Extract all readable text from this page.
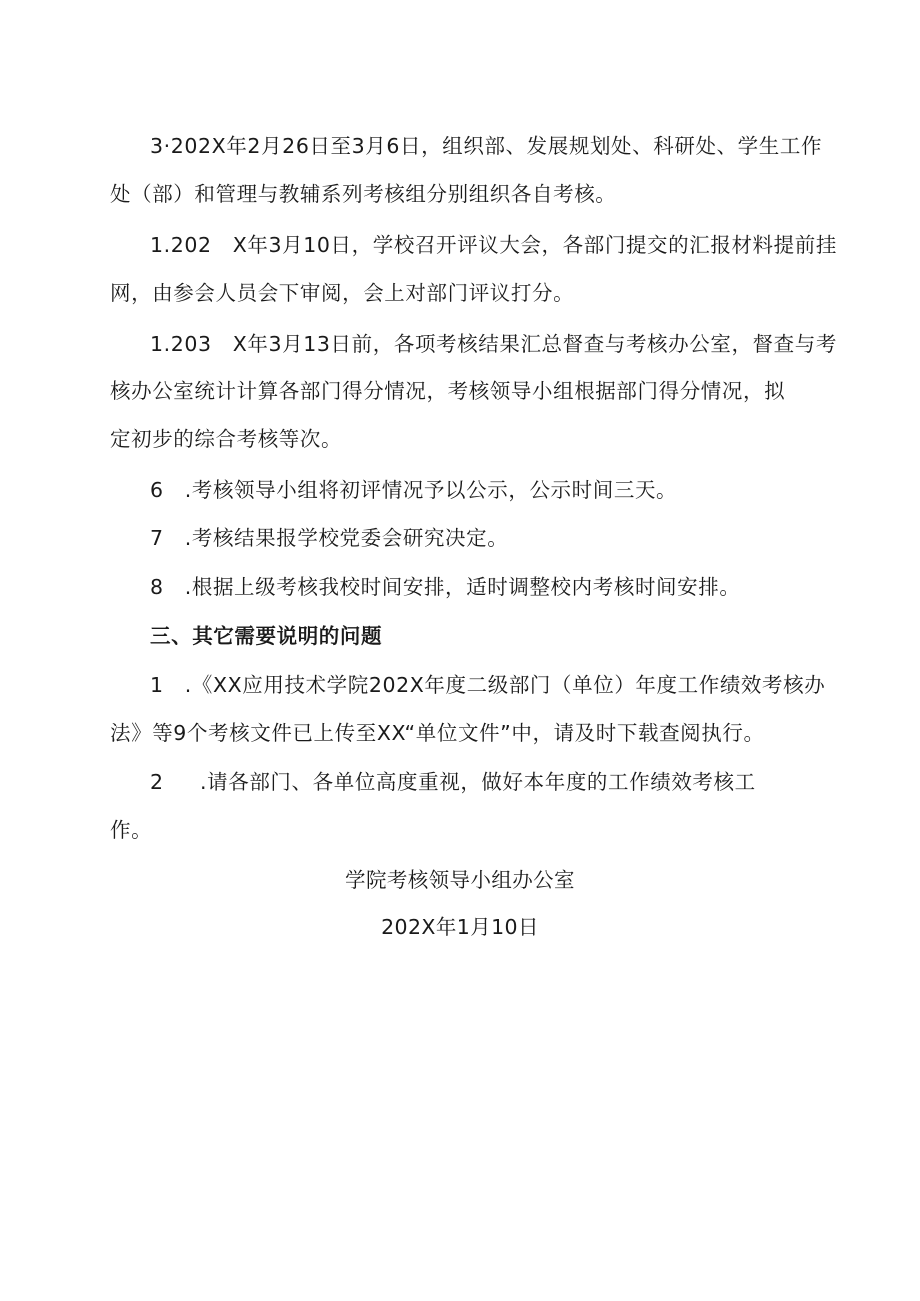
3·202X年2月26日至3月6日，组织部、发展规划处、科研处、学生工作
处（部）和管理与教辅系列考核组分别组织各自考核。
1.202　X年3月10日，学校召开评议大会，各部门提交的汇报材料提前挂
网，由参会人员会下审阅，会上对部门评议打分。
1.203　X年3月13日前，各项考核结果汇总督查与考核办公室，督查与考
核办公室统计计算各部门得分情况，考核领导小组根据部门得分情况，拟
定初步的综合考核等次。
6　.考核领导小组将初评情况予以公示，公示时间三天。
7　.考核结果报学校党委会研究决定。
8　.根据上级考核我校时间安排，适时调整校内考核时间安排。
三、其它需要说明的问题
1　.《XX应用技术学院202X年度二级部门（单位）年度工作绩效考核办
法》等9个考核文件已上传至XX“单位文件”中，请及时下载查阅执行。
2 .请各部门、各单位高度重视，做好本年度的工作绩效考核工
作。
学院考核领导小组办公室
202X年1月10日
